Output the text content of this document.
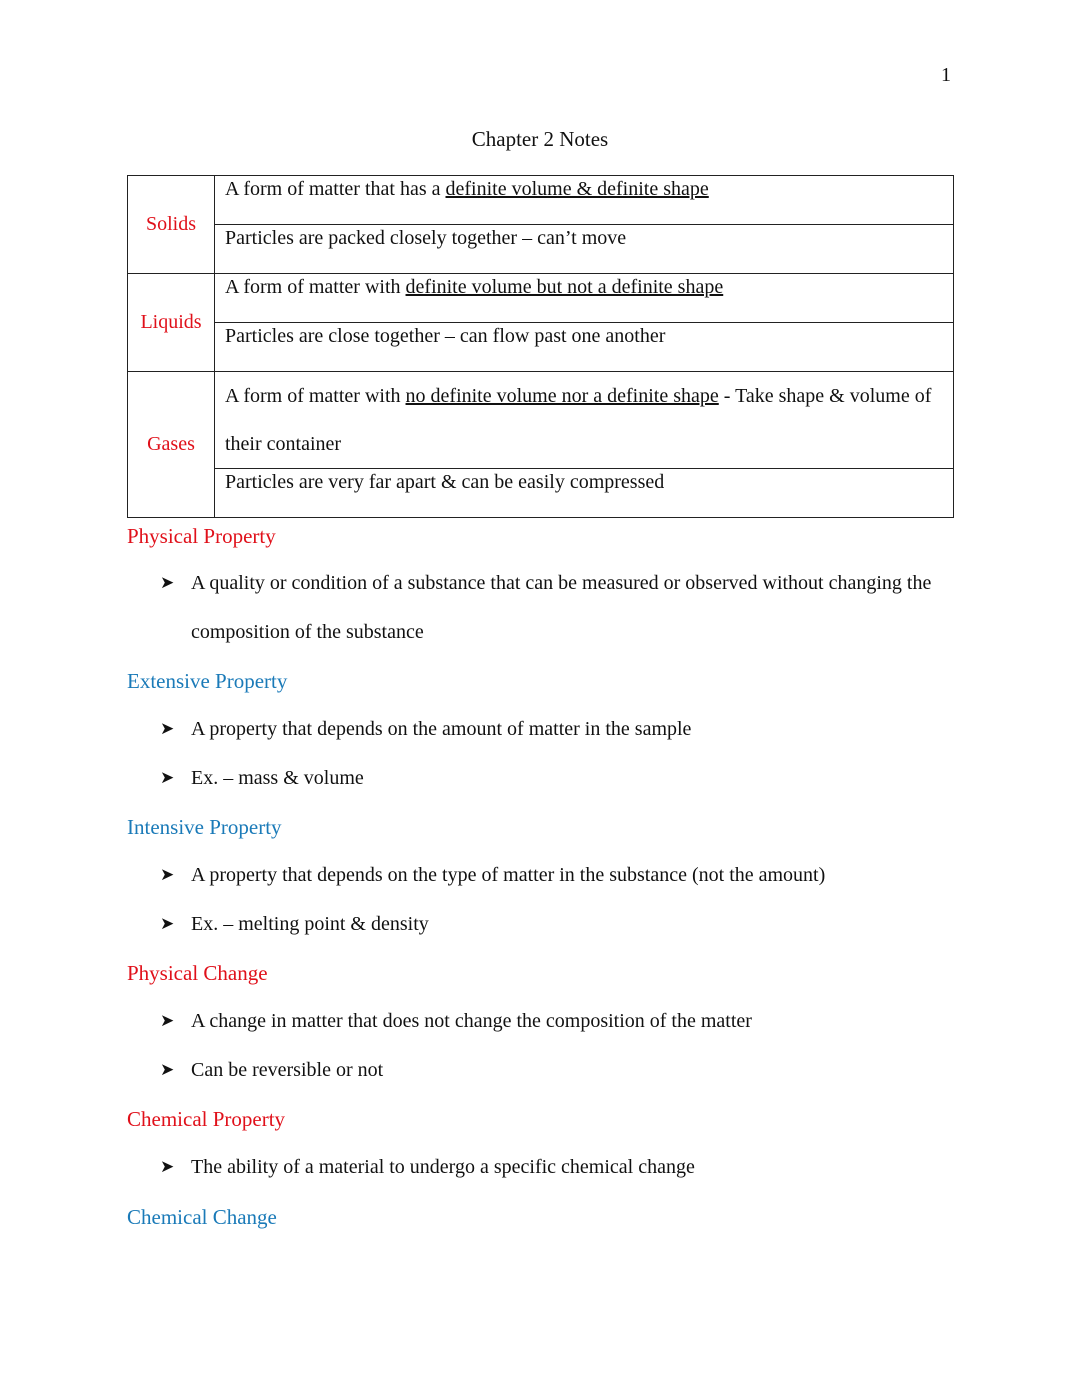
1
Chapter 2 Notes
Solids	A form of matter that has a definite volume & definite shape
	Particles are packed closely together – can’t move
Liquids	A form of matter with definite volume but not a definite shape
	Particles are close together – can flow past one another
Gases	A form of matter with no definite volume nor a definite shape - Take shape & volume of their container
	Particles are very far apart & can be easily compressed
Physical Property
➤ A quality or condition of a substance that can be measured or observed without changing the composition of the substance
Extensive Property
➤ A property that depends on the amount of matter in the sample
➤ Ex. – mass & volume
Intensive Property
➤ A property that depends on the type of matter in the substance (not the amount)
➤ Ex. – melting point & density
Physical Change
➤ A change in matter that does not change the composition of the matter
➤ Can be reversible or not
Chemical Property
➤ The ability of a material to undergo a specific chemical change
Chemical Change
